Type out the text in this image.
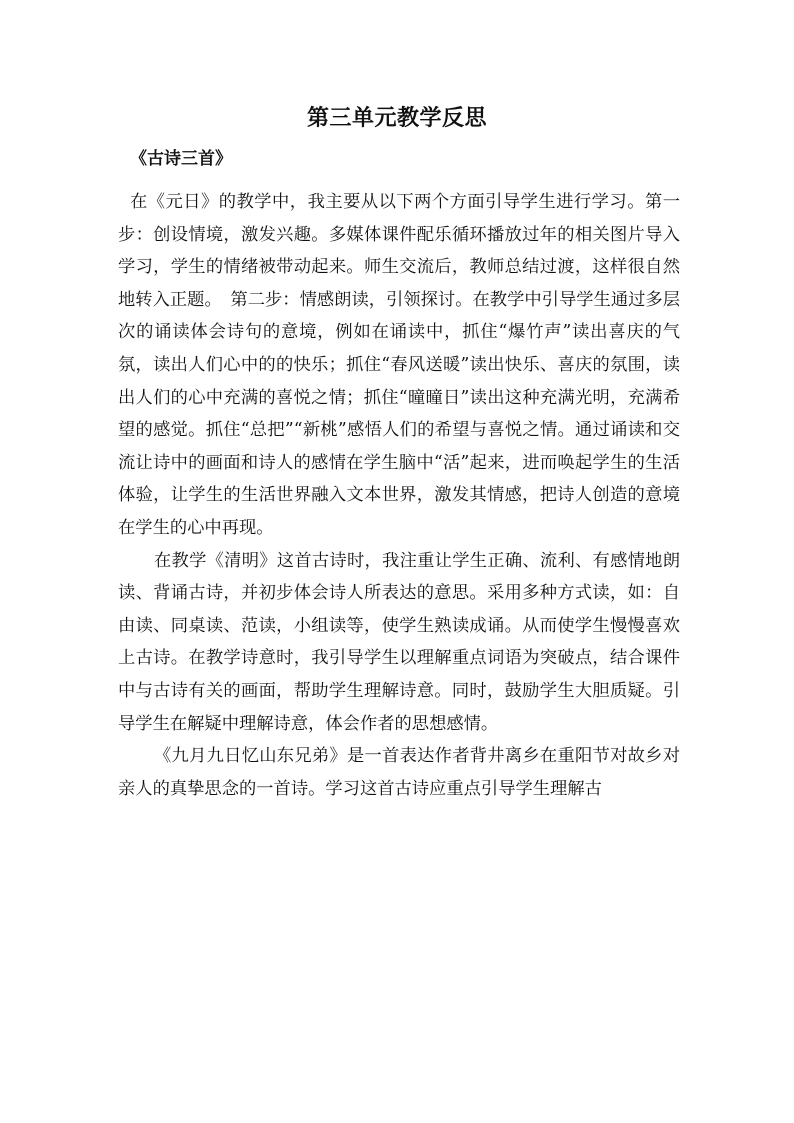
第三单元教学反思
《古诗三首》

在《元日》的教学中，我主要从以下两个方面引导学生进行学习。第一步：创设情境，激发兴趣。多媒体课件配乐循环播放过年的相关图片导入学习，学生的情绪被带动起来。师生交流后，教师总结过渡，这样很自然地转入正题。　第二步：情感朗读，引领探讨。在教学中引导学生通过多层次的诵读体会诗句的意境，例如在诵读中，抓住“爆竹声”读出喜庆的气氛，读出人们心中的的快乐；抓住“春风送暖”读出快乐、喜庆的氛围，读出人们的心中充满的喜悦之情；抓住“曈曈日”读出这种充满光明，充满希望的感觉。抓住“总把”“新桃”感悟人们的希望与喜悦之情。通过诵读和交流让诗中的画面和诗人的感情在学生脑中“活”起来，进而唤起学生的生活体验，让学生的生活世界融入文本世界，激发其情感，把诗人创造的意境在学生的心中再现。

在教学《清明》这首古诗时，我注重让学生正确、流利、有感情地朗读、背诵古诗，并初步体会诗人所表达的意思。采用多种方式读，如：自由读、同桌读、范读，小组读等，使学生熟读成诵。从而使学生慢慢喜欢上古诗。在教学诗意时，我引导学生以理解重点词语为突破点，结合课件中与古诗有关的画面，帮助学生理解诗意。同时，鼓励学生大胆质疑。引导学生在解疑中理解诗意，体会作者的思想感情。

《九月九日忆山东兄弟》是一首表达作者背井离乡在重阳节对故乡对亲人的真挚思念的一首诗。学习这首古诗应重点引导学生理解古
